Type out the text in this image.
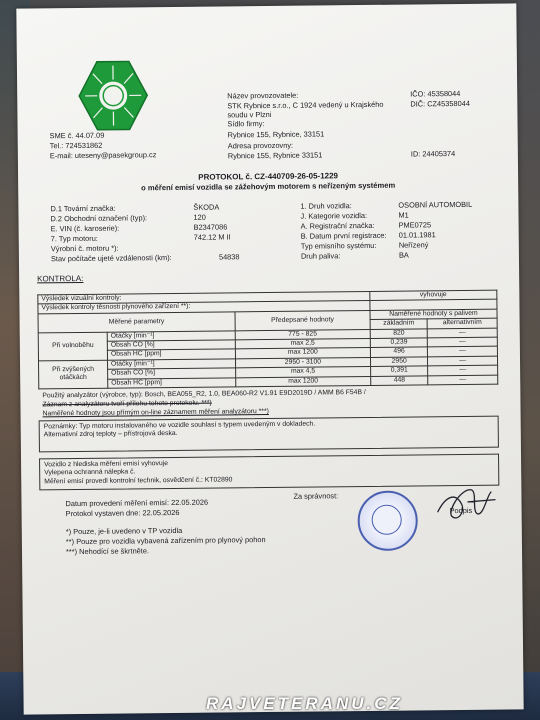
SME č. 44.07.09
Tel.: 724531862
E-mail: uteseny@pasekgroup.cz
Název provozovatele:
STK Rybnice s.r.o., C 1924 vedený u Krajského
soudu v Plzni
Sídlo firmy:
Rybnice 155, Rybnice, 33151
Adresa provozovny:
Rybnice 155, Rybnice 33151
IČO: 45358044
DIČ: CZ45358044
ID: 24405374
PROTOKOL č. CZ-440709-26-05-1229
o měření emisí vozidla se zážehovým motorem s neřízeným systémem
D.1 Tovární značka:	ŠKODA
D.2 Obchodní označení (typ):	120
E. VIN (č. karoserie):	B2347086
7. Typ motoru:	742.12 M II
Výrobní č. motoru *):
Stav počítače ujeté vzdálenosti (km):	54838
1. Druh vozidla:	OSOBNÍ AUTOMOBIL
J. Kategorie vozidla:	M1
A. Registrační značka:	PME0725
B. Datum první registrace: 01.01.1981
Typ emisního systému:	Neřízený
Druh paliva:	BA
KONTROLA:
Výsledek vizuální kontroly:			vyhovuje	
Výsledek kontroly těsnosti plynového zařízení **):				
Měřené parametry		Předepsané hodnoty	Naměřené hodnoty s palivem	
			základním	alternativním
Při volnoběhu	Otáčky [min⁻¹]	775 - 825	820	—
	Obsah CO [%]	max 2,5	0,239	—
	Obsah HC [ppm]	max 1200	496	—
Při zvýšených otáčkách	Otáčky [min⁻¹]	2950 - 3100	2950	—
	Obsah CO [%]	max 4,5	0,391	—
	Obsah HC [ppm]	max 1200	448	—
Použitý analyzátor (výrobce, typ): Bosch, BEA055_R2, 1.0, BEA060-R2 V1.91 E9D2019D / AMM B6 F54B /
Záznam z analyzátoru tvoří přílohu tohoto protokolu. ***)
Naměřené hodnoty jsou přímým on-line záznamem měření analyzátoru ***)
Poznámky: Typ motoru instalovaného ve vozidle souhlasí s typem uvedeným v dokladech.
Alternativní zdroj teploty – přístrojová deska.
Vozidlo z hlediska měření emisí vyhovuje
Vylepena ochranná nálepka č.
Měření emisí provedl kontrolní technik, osvědčení č.: KT02890
Datum provedení měření emisí: 22.05.2026
Protokol vystaven dne: 22.05.2026
Za správnost:
Podpis
*) Pouze, je-li uvedeno v TP vozidla
**) Pouze pro vozidla vybavená zařízením pro plynový pohon
***) Nehodící se škrtněte.
RAJVETERANU.CZ
